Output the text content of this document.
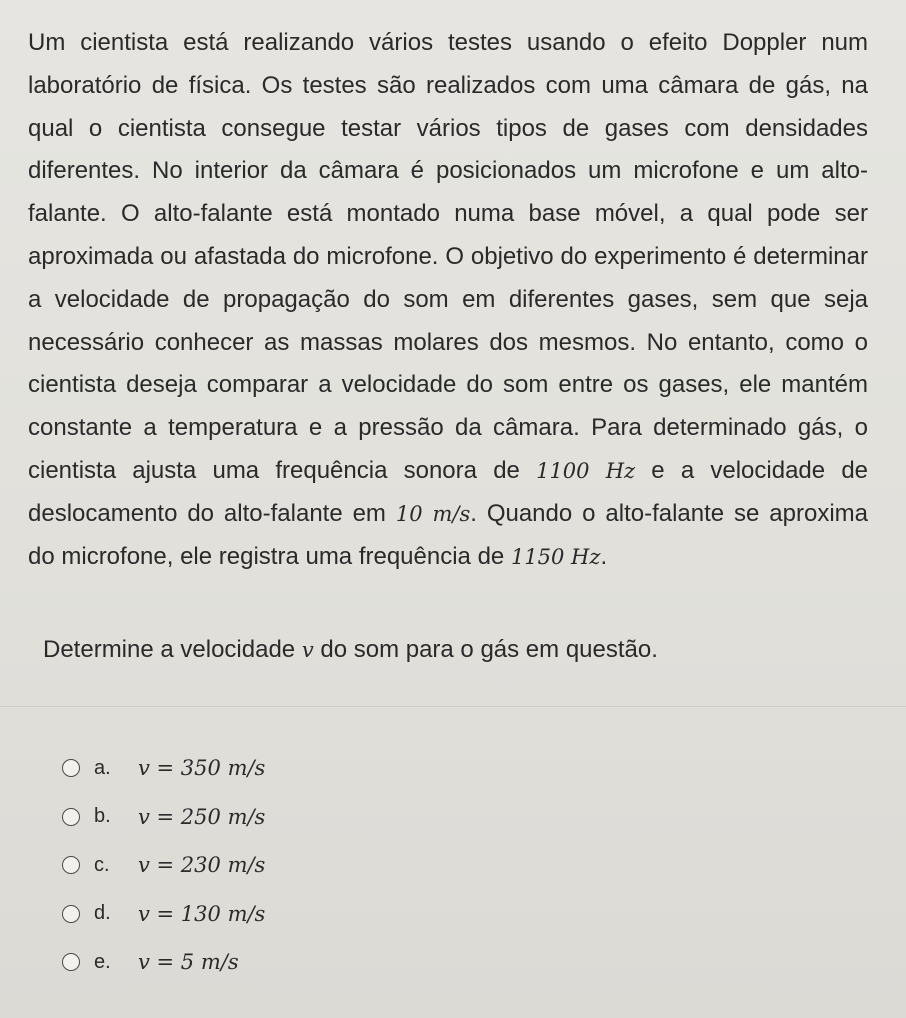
Um cientista está realizando vários testes usando o efeito Doppler num laboratório de física. Os testes são realizados com uma câmara de gás, na qual o cientista consegue testar vários tipos de gases com densidades diferentes. No interior da câmara é posicionados um microfone e um alto-falante. O alto-falante está montado numa base móvel, a qual pode ser aproximada ou afastada do microfone. O objetivo do experimento é determinar a velocidade de propagação do som em diferentes gases, sem que seja necessário conhecer as massas molares dos mesmos. No entanto, como o cientista deseja comparar a velocidade do som entre os gases, ele mantém constante a temperatura e a pressão da câmara. Para determinado gás, o cientista ajusta uma frequência sonora de 1100 Hz e a velocidade de deslocamento do alto-falante em 10 m/s. Quando o alto-falante se aproxima do microfone, ele registra uma frequência de 1150 Hz.

Determine a velocidade v do som para o gás em questão.

a.	v = 350 m/s
b.	v = 250 m/s
c.	v = 230 m/s
d.	v = 130 m/s
e.	v = 5 m/s
